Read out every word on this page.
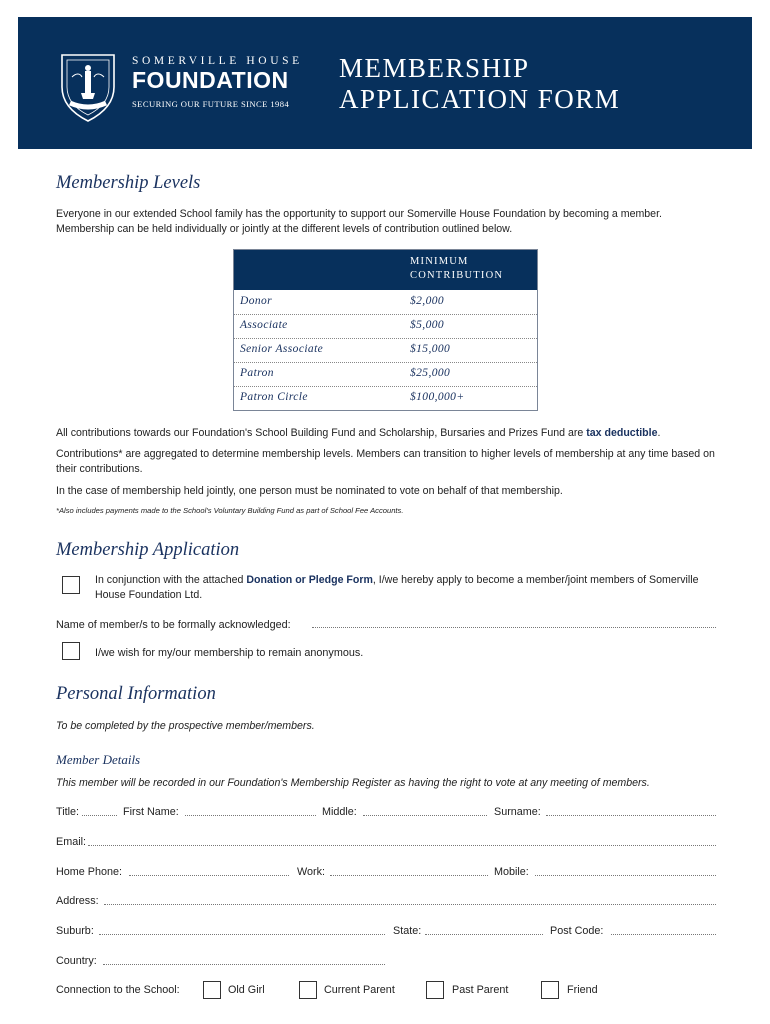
SOMERVILLE HOUSE
FOUNDATION
SECURING OUR FUTURE SINCE 1984
MEMBERSHIP
APPLICATION FORM
Membership Levels
Everyone in our extended School family has the opportunity to support our Somerville House Foundation by becoming a member. Membership can be held individually or jointly at the different levels of contribution outlined below.
MINIMUM
CONTRIBUTION
Donor	$2,000
Associate	$5,000
Senior Associate	$15,000
Patron	$25,000
Patron Circle	$100,000+
All contributions towards our Foundation's School Building Fund and Scholarship, Bursaries and Prizes Fund are tax deductible.
Contributions* are aggregated to determine membership levels. Members can transition to higher levels of membership at any time based on their contributions.
In the case of membership held jointly, one person must be nominated to vote on behalf of that membership.
*Also includes payments made to the School's Voluntary Building Fund as part of School Fee Accounts.
Membership Application
In conjunction with the attached Donation or Pledge Form, I/we hereby apply to become a member/joint members of Somerville House Foundation Ltd.
Name of member/s to be formally acknowledged:
I/we wish for my/our membership to remain anonymous.
Personal Information
To be completed by the prospective member/members.
Member Details
This member will be recorded in our Foundation's Membership Register as having the right to vote at any meeting of members.
Title:	First Name:	Middle:	Surname:
Email:
Home Phone:	Work:	Mobile:
Address:
Suburb:	State:	Post Code:
Country:
Connection to the School:	Old Girl	Current Parent	Past Parent	Friend
